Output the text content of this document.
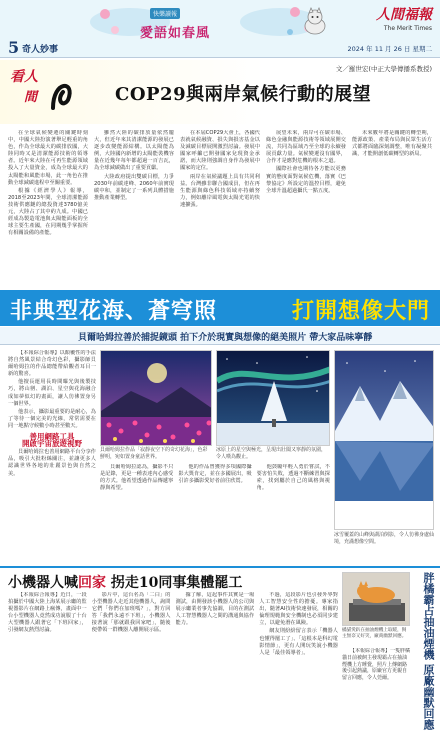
5 奇人妙事
快樂讀報
愛語如春風
人間福報
The Merit Times
2024 年 11 月 26 日 星期二
看人
間	COP29與兩岸氣候行動的展望
文／羅世宏(中正大學傳播系教授)

在全球氣候變遷的關鍵時刻中，中國大陸扮演著舉足輕重的角色，作為全球最大的碳排放國，大陸同時又是清潔能源技術的領導者。近年來大陸在可再生能源領域投入了大量資金，成為全球最大的太陽能和風能市場，此一角色在推動全球減碳進程中至關重要。

根據《經濟學人》報導，2018至2023年間，全球清潔能源技術供應鏈的總投資達3780億美元，大陸占了其中約九成。中國已經成為製造電池與太陽能面板的全球主要生產國，在同期幾乎掌握所有相關設備的產能。

雖然大陸的碳排放量依然龐大，但近年來其清潔能源的發展已逐步改變能源結構。以太陽能為例，大陸國內新增的太陽能裝機容量在近幾年每年都超過一百吉瓦，為全球減碳做出了重要貢獻。

大陸政府提出雙碳目標，力爭2030年前碳達峰、2060年前實現碳中和，並制定了一系列具體措施推動產業轉型。

在本屆COP29大會上，各國代表就氣候融資、損失與損害基金以及減碳目標展開激烈討論。發展中國家呼籲已開發國家兌現資金承諾，而大陸則強調自身作為發展中國家的定位。

兩岸在氣候議題上具有共同利益。台灣雖非聯合國成員，但在再生能源與綠色科技領域亦持續努力，例如離岸風電與太陽光電的快速擴張。

展望未來，兩岸可在碳市場、綠色金融與能源技術等領域展開交流，共同為區域乃至全球的永續發展貢獻力量。氣候變遷沒有國界，合作才是應對危機的根本之道。

國際社會也期待各方能以更務實的態度面對氣候危機，落實《巴黎協定》所設定的溫控目標，避免全球升溫超過攝氏一點五度。

未來數年將是關鍵的轉型期，能源政策、產業布局與民眾生活方式都將面臨深刻調整，唯有凝聚共識，才能開創低碳轉型的新局。

非典型花海、蒼穹照	打開想像大門
貝爾哈姆拉善於捕捉鏡頭 拍下介於現實與想像的絕美照片 帶大家品味寧靜

【本報綜合報導】以顛覆性的手法將自然風景結合奇幻色彩，攝影師貝爾哈姆拉的作品總能帶給觀者耳目一新的驚喜。

他擅長運用長時間曝光與後製技巧，將山巒、湖泊、星空與花海融合成如夢似幻的畫面，讓人彷彿置身另一個世界。

他表示，攝影最重要的是耐心，為了等待一個完美的光線，常常需要在同一地點守候數小時甚至數天。

善用網路工具
開啟宇宙旅遊視野

貝爾哈姆拉也善用網路平台分享作品，吸引大批粉絲關注，並讓更多人認識世界各地的壯麗景色與自然之美。

貝爾哈姆拉作品「寂靜夜空下的奇幻花海」，色彩鮮明，宛如置身童話世界。
冰原上的星空與極光，呈現出壯闊又寧靜的氛圍，令人嘆為觀止。

貝爾哈姆拉認為，攝影不只是記錄，更是一種表達內心感受的方式。他希望透過作品傳遞寧靜與希望。

他的作品曾獲得多項國際攝影大獎肯定，並在多國展出，吸引許多攝影愛好者前往欣賞。

他鼓勵年輕人勇於嘗試，不要害怕失敗，透過不斷練習與探索，找到屬於自己的風格與視角。

冰雪覆蓋的山峰與湖泊倒影，令人彷彿身處仙境，充滿想像空間。
小機器人喊回家 拐走10同事集體罷工

【本報綜合報導】近日，一段拍攝於中國大陸上海某展示廳的監視器影片在網路上瘋傳，畫面中一台小型機器人竟然成功說服了十台大型機器人跟著它「下班回家」，引發網友熱烈討論。

影片中，這台名為「二白」的小型機器人走近其他機器人，詢問它們「你們在加班嗎？」，對方回答「我們永遠不下班」，小機器人接著說「那就跟我回家吧」，隨後便帶領一群機器人離開展示區。

據了解，這起事件其實是一場測試，由開發該小機器人的公司與展示廳業者事先協調，目的在測試人工智慧機器人之間的溝通與協作能力。

不過，這段影片也引發外界對人工智慧安全性的擔憂。專家指出，隨著AI技術快速發展，相關的倫理規範與安全機制也必須同步建立，以避免潛在風險。

網友則紛紛留言表示「機器人也懂得罷工了」、「這根本是科幻電影情節」，更有人開玩笑說小機器人是「最佳領導者」。

橘貓愛趴在抽油煙機上取暖，飼主無奈又好笑，廠商幽默回應。	胖橘霸占抽油煙機 原廠幽默回應

【本報綜合報導】一隻胖橘貓日前被飼主發現霸占在抽油煙機上方睡覺，照片上傳網路後引起熱議，原廠官方更親自留言回應，令人莞爾。
